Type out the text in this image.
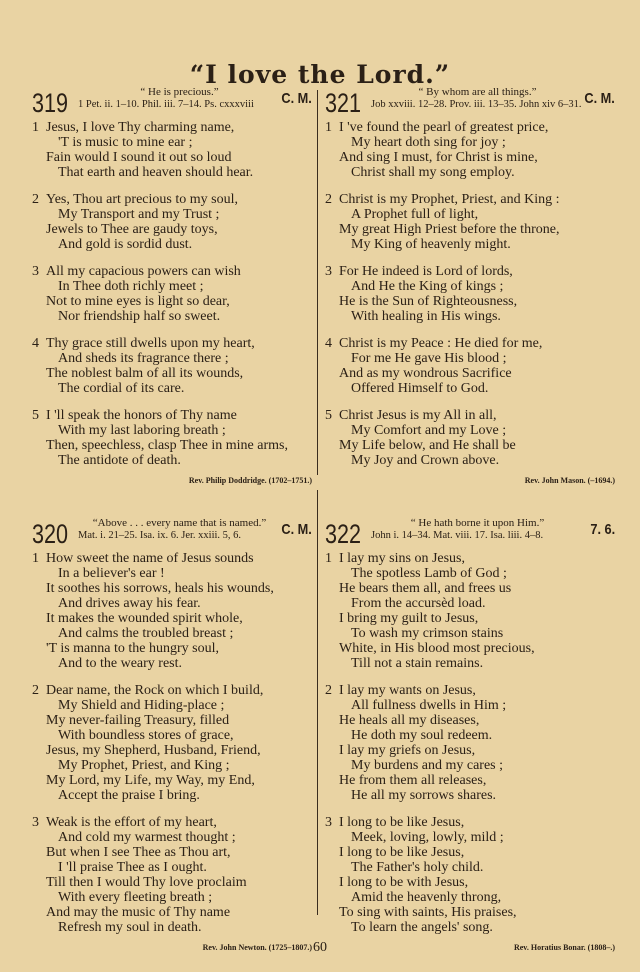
“I love the Lord.”
319	“ He is precious.”
1 Pet. ii. 1–10. Phil. iii. 7–14. Ps. cxxxviii C. M.
1 Jesus, I love Thy charming name,
'T is music to mine ear ;
Fain would I sound it out so loud
That earth and heaven should hear.
2 Yes, Thou art precious to my soul,
My Transport and my Trust ;
Jewels to Thee are gaudy toys,
And gold is sordid dust.
3 All my capacious powers can wish
In Thee doth richly meet ;
Not to mine eyes is light so dear,
Nor friendship half so sweet.
4 Thy grace still dwells upon my heart,
And sheds its fragrance there ;
The noblest balm of all its wounds,
The cordial of its care.
5 I 'll speak the honors of Thy name
With my last laboring breath ;
Then, speechless, clasp Thee in mine arms,
The antidote of death.
Rev. Philip Doddridge. (1702–1751.)
321	“ By whom are all things.”
Job xxviii. 12–28. Prov. iii. 13–35. John xiv 6–31. C. M.
1 I 've found the pearl of greatest price,
My heart doth sing for joy ;
And sing I must, for Christ is mine,
Christ shall my song employ.
2 Christ is my Prophet, Priest, and King :
A Prophet full of light,
My great High Priest before the throne,
My King of heavenly might.
3 For He indeed is Lord of lords,
And He the King of kings ;
He is the Sun of Righteousness,
With healing in His wings.
4 Christ is my Peace : He died for me,
For me He gave His blood ;
And as my wondrous Sacrifice
Offered Himself to God.
5 Christ Jesus is my All in all,
My Comfort and my Love ;
My Life below, and He shall be
My Joy and Crown above.
Rev. John Mason. (–1694.)
320	“Above . . . every name that is named.”
Mat. i. 21–25. Isa. ix. 6. Jer. xxiii. 5, 6.	C. M.
1 How sweet the name of Jesus sounds
In a believer's ear !
It soothes his sorrows, heals his wounds,
And drives away his fear.
It makes the wounded spirit whole,
And calms the troubled breast ;
'T is manna to the hungry soul,
And to the weary rest.
2 Dear name, the Rock on which I build,
My Shield and Hiding-place ;
My never-failing Treasury, filled
With boundless stores of grace,
Jesus, my Shepherd, Husband, Friend,
My Prophet, Priest, and King ;
My Lord, my Life, my Way, my End,
Accept the praise I bring.
3 Weak is the effort of my heart,
And cold my warmest thought ;
But when I see Thee as Thou art,
I 'll praise Thee as I ought.
Till then I would Thy love proclaim
With every fleeting breath ;
And may the music of Thy name
Refresh my soul in death.
Rev. John Newton. (1725–1807.)
322	“ He hath borne it upon Him.”
John i. 14–34. Mat. viii. 17. Isa. liii. 4–8.	7. 6.
1 I lay my sins on Jesus,
The spotless Lamb of God ;
He bears them all, and frees us
From the accursèd load.
I bring my guilt to Jesus,
To wash my crimson stains
White, in His blood most precious,
Till not a stain remains.
2 I lay my wants on Jesus,
All fullness dwells in Him ;
He heals all my diseases,
He doth my soul redeem.
I lay my griefs on Jesus,
My burdens and my cares ;
He from them all releases,
He all my sorrows shares.
3 I long to be like Jesus,
Meek, loving, lowly, mild ;
I long to be like Jesus,
The Father's holy child.
I long to be with Jesus,
Amid the heavenly throng,
To sing with saints, His praises,
To learn the angels' song.
Rev. Horatius Bonar. (1808–.)
60
